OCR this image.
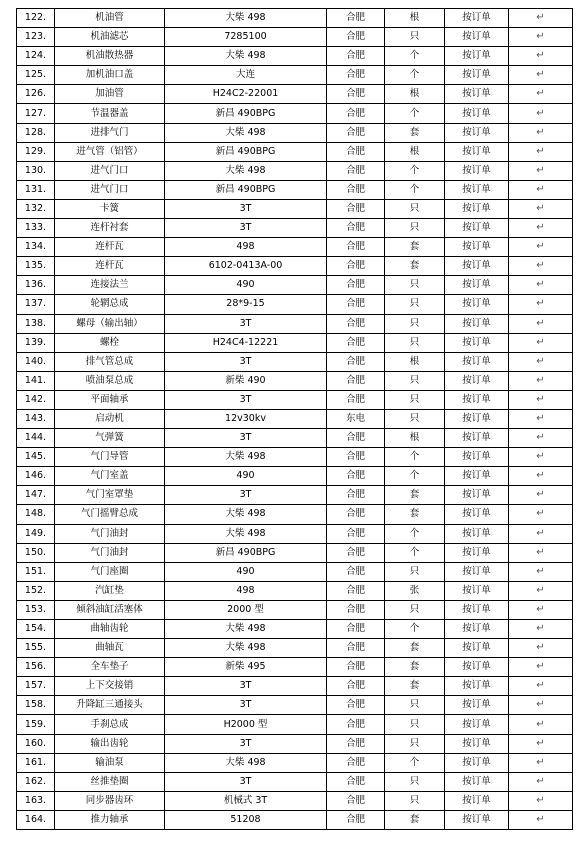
122.	机油管	大柴 498	合肥	根	按订单	↵
123.	机油滤芯	7285100	合肥	只	按订单	↵
124.	机油散热器	大柴 498	合肥	个	按订单	↵
125.	加机油口盖	大连	合肥	个	按订单	↵
126.	加油管	H24C2-22001	合肥	根	按订单	↵
127.	节温器盖	新昌 490BPG	合肥	个	按订单	↵
128.	进排气门	大柴 498	合肥	套	按订单	↵
129.	进气管（铝管）	新昌 490BPG	合肥	根	按订单	↵
130.	进气门口	大柴 498	合肥	个	按订单	↵
131.	进气门口	新昌 490BPG	合肥	个	按订单	↵
132.	卡簧	3T	合肥	只	按订单	↵
133.	连杆衬套	3T	合肥	只	按订单	↵
134.	连杆瓦	498	合肥	套	按订单	↵
135.	连杆瓦	6102-0413A-00	合肥	套	按订单	↵
136.	连接法兰	490	合肥	只	按订单	↵
137.	轮辋总成	28*9-15	合肥	只	按订单	↵
138.	螺母（输出轴）	3T	合肥	只	按订单	↵
139.	螺栓	H24C4-12221	合肥	只	按订单	↵
140.	排气管总成	3T	合肥	根	按订单	↵
141.	喷油泵总成	新柴 490	合肥	只	按订单	↵
142.	平面轴承	3T	合肥	只	按订单	↵
143.	启动机	12v30kv	东电	只	按订单	↵
144.	气弹簧	3T	合肥	根	按订单	↵
145.	气门导管	大柴 498	合肥	个	按订单	↵
146.	气门室盖	490	合肥	个	按订单	↵
147.	气门室罩垫	3T	合肥	套	按订单	↵
148.	气门摇臂总成	大柴 498	合肥	套	按订单	↵
149.	气门油封	大柴 498	合肥	个	按订单	↵
150.	气门油封	新昌 490BPG	合肥	个	按订单	↵
151.	气门座圈	490	合肥	只	按订单	↵
152.	汽缸垫	498	合肥	张	按订单	↵
153.	倾斜油缸活塞体	2000 型	合肥	只	按订单	↵
154.	曲轴齿轮	大柴 498	合肥	个	按订单	↵
155.	曲轴瓦	大柴 498	合肥	套	按订单	↵
156.	全车垫子	新柴 495	合肥	套	按订单	↵
157.	上下交接销	3T	合肥	套	按订单	↵
158.	升降缸三通接头	3T	合肥	只	按订单	↵
159.	手刹总成	H2000 型	合肥	只	按订单	↵
160.	输出齿轮	3T	合肥	只	按订单	↵
161.	输油泵	大柴 498	合肥	个	按订单	↵
162.	丝推垫圈	3T	合肥	只	按订单	↵
163.	同步器齿环	机械式 3T	合肥	只	按订单	↵
164.	推力轴承	51208	合肥	套	按订单	↵
